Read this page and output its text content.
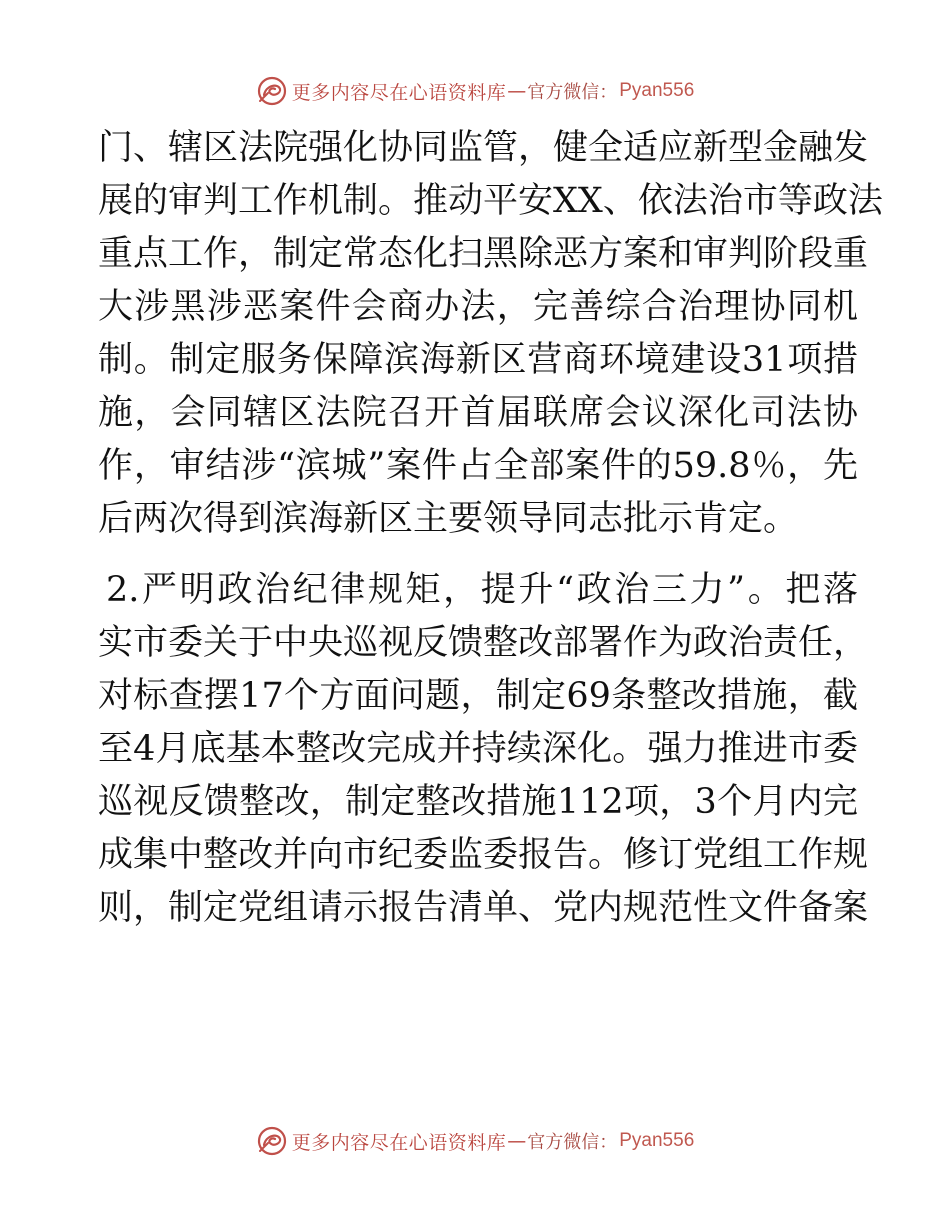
更多内容尽在心语资料库 — 官方微信： Pyan556
门、辖区法院强化协同监管，健全适应新型金融发
展的审判工作机制。推动平安XX、依法治市等政法
重点工作，制定常态化扫黑除恶方案和审判阶段重
大涉黑涉恶案件会商办法，完善综合治理协同机
制。制定服务保障滨海新区营商环境建设31项措
施，会同辖区法院召开首届联席会议深化司法协
作，审结涉“滨城”案件占全部案件的59.8％，先
后两次得到滨海新区主要领导同志批示肯定。
2.严明政治纪律规矩，提升“政治三力”。把落
实市委关于中央巡视反馈整改部署作为政治责任，
对标查摆17个方面问题，制定69条整改措施，截
至4月底基本整改完成并持续深化。强力推进市委
巡视反馈整改，制定整改措施112项，3个月内完
成集中整改并向市纪委监委报告。修订党组工作规
则，制定党组请示报告清单、党内规范性文件备案
更多内容尽在心语资料库 — 官方微信： Pyan556
